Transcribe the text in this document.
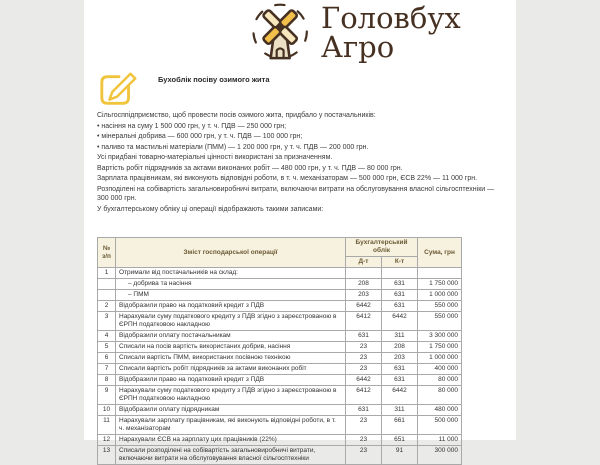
Головбух
Агро
Бухоблік посіву озимого жита

Сільгосппідприємство, щоб провести посів озимого жита, придбало у постачальників:

• насіння на суму 1 500 000 грн, у т. ч. ПДВ — 250 000 грн;

• мінеральні добрива — 600 000 грн, у т. ч. ПДВ — 100 000 грн;

• паливо та мастильні матеріали (ПММ) — 1 200 000 грн, у т. ч. ПДВ — 200 000 грн.

Усі придбані товарно-матеріальні цінності використані за призначенням.

Вартість робіт підрядників за актами виконаних робіт — 480 000 грн, у т. ч. ПДВ — 80 000 грн.

Зарплата працівникам, які виконують відповідні роботи, в т. ч. механізаторам — 500 000 грн, ЄСВ 22% — 11 000 грн.

Розподілені на собівартість загальновиробничі витрати, включаючи витрати на обслуговування власної сільгосптехніки — 300 000 грн.

У бухгалтерському обліку ці операції відображають такими записами:

№ з/п	Зміст господарської операції	Бухгалтерський облік		Сума, грн
		Д-т	К-т	
1	Отримали від постачальників на склад:			
	– добрива та насіння	208	631	1 750 000
	– ПММ	203	631	1 000 000
2	Відобразили право на податковий кредит з ПДВ	6442	631	550 000
3	Нарахували суму податкового кредиту з ПДВ згідно з зареєстрованою в ЄРПН податковою накладною	6412	6442	550 000
4	Відобразили оплату постачальникам	631	311	3 300 000
5	Списали на посів вартість використаних добрив, насіння	23	208	1 750 000
6	Списали вартість ПММ, використаних посівною технікою	23	203	1 000 000
7	Списали вартість робіт підрядників за актами виконаних робіт	23	631	400 000
8	Відобразили право на податковий кредит з ПДВ	6442	631	80 000
9	Нарахували суму податкового кредиту з ПДВ згідно з зареєстрованою в ЄРПН податковою накладною	6412	6442	80 000
10	Відобразили оплату підрядникам	631	311	480 000
11	Нарахували зарплату працівникам, які виконують відповідні роботи, в т. ч. механізаторам	23	661	500 000
12	Нарахували ЄСВ на зарплату цих працівників (22%)	23	651	11 000
13	Списали розподілені на собівартість загальновиробничі витрати, включаючи витрати на обслуговування власної сільгосптехніки	23	91	300 000
